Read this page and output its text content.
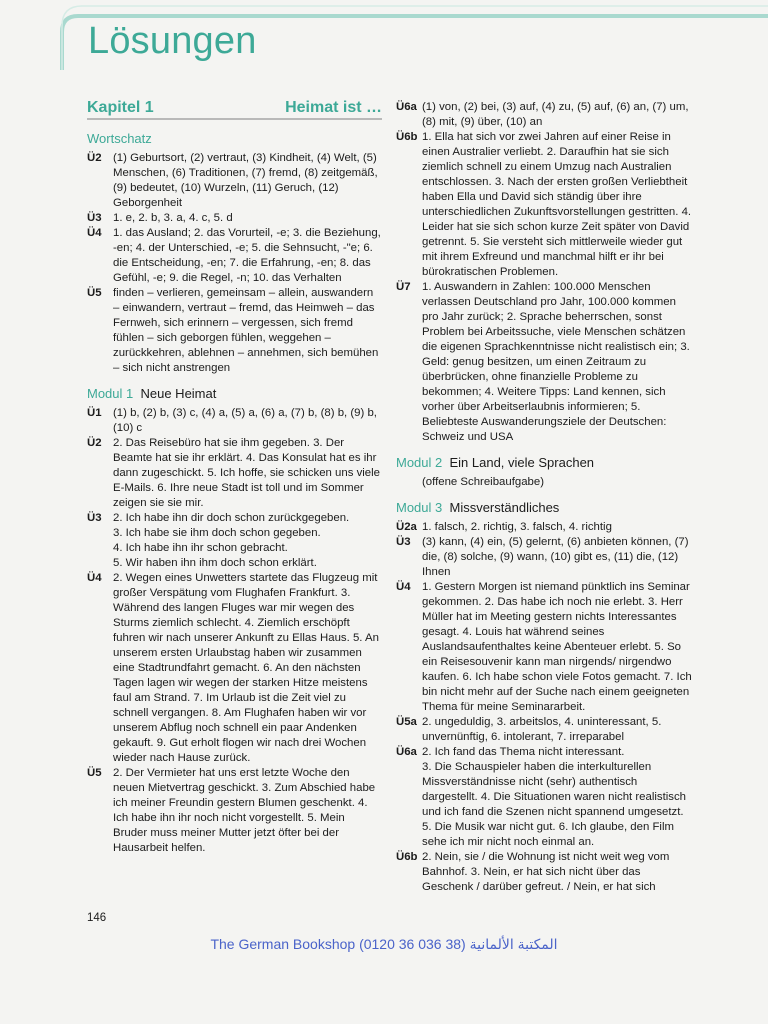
Lösungen
Kapitel 1	Heimat ist …
Wortschatz
Ü2	(1) Geburtsort, (2) vertraut, (3) Kindheit, (4) Welt, (5) Menschen, (6) Traditionen, (7) fremd, (8) zeitgemäß, (9) bedeutet, (10) Wurzeln, (11) Geruch, (12) Geborgenheit
Ü3	1. e, 2. b, 3. a, 4. c, 5. d
Ü4	1. das Ausland; 2. das Vorurteil, -e; 3. die Beziehung, -en; 4. der Unterschied, -e; 5. die Sehnsucht, -"e; 6. die Entscheidung, -en; 7. die Erfahrung, -en; 8. das Gefühl, -e; 9. die Regel, -n; 10. das Verhalten
Ü5	finden – verlieren, gemeinsam – allein, auswandern – einwandern, vertraut – fremd, das Heimweh – das Fernweh, sich erinnern – vergessen, sich fremd fühlen – sich geborgen fühlen, weggehen – zurückkehren, ablehnen – annehmen, sich bemühen – sich nicht anstrengen
Modul 1 Neue Heimat
Ü1	(1) b, (2) b, (3) c, (4) a, (5) a, (6) a, (7) b, (8) b, (9) b, (10) c
Ü2	2. Das Reisebüro hat sie ihm gegeben. 3. Der Beamte hat sie ihr erklärt. 4. Das Konsulat hat es ihr dann zugeschickt. 5. Ich hoffe, sie schicken uns viele E-Mails. 6. Ihre neue Stadt ist toll und im Sommer zeigen sie sie mir.
Ü3	2. Ich habe ihn dir doch schon zurückgegeben.
3. Ich habe sie ihm doch schon gegeben.
4. Ich habe ihn ihr schon gebracht.
5. Wir haben ihn ihm doch schon erklärt.
Ü4	2. Wegen eines Unwetters startete das Flugzeug mit großer Verspätung vom Flughafen Frankfurt. 3. Während des langen Fluges war mir wegen des Sturms ziemlich schlecht. 4. Ziemlich erschöpft fuhren wir nach unserer Ankunft zu Ellas Haus. 5. An unserem ersten Urlaubstag haben wir zusammen eine Stadtrundfahrt gemacht. 6. An den nächsten Tagen lagen wir wegen der starken Hitze meistens faul am Strand. 7. Im Urlaub ist die Zeit viel zu schnell vergangen. 8. Am Flughafen haben wir vor unserem Abflug noch schnell ein paar Andenken gekauft. 9. Gut erholt flogen wir nach drei Wochen wieder nach Hause zurück.
Ü5	2. Der Vermieter hat uns erst letzte Woche den neuen Mietvertrag geschickt. 3. Zum Abschied habe ich meiner Freundin gestern Blumen geschenkt. 4. Ich habe ihn ihr noch nicht vorgestellt. 5. Mein Bruder muss meiner Mutter jetzt öfter bei der Hausarbeit helfen.
Ü6a (1) von, (2) bei, (3) auf, (4) zu, (5) auf, (6) an, (7) um, (8) mit, (9) über, (10) an
Ü6b 1. Ella hat sich vor zwei Jahren auf einer Reise in einen Australier verliebt. 2. Daraufhin hat sie sich ziemlich schnell zu einem Umzug nach Australien entschlossen. 3. Nach der ersten großen Verliebtheit haben Ella und David sich ständig über ihre unterschiedlichen Zukunftsvorstellungen gestritten. 4. Leider hat sie sich schon kurze Zeit später von David getrennt. 5. Sie versteht sich mittlerweile wieder gut mit ihrem Exfreund und manchmal hilft er ihr bei bürokratischen Problemen.
Ü7	1. Auswandern in Zahlen: 100.000 Menschen verlassen Deutschland pro Jahr, 100.000 kommen pro Jahr zurück; 2. Sprache beherrschen, sonst Problem bei Arbeitssuche, viele Menschen schätzen die eigenen Sprachkenntnisse nicht realistisch ein; 3. Geld: genug besitzen, um einen Zeitraum zu überbrücken, ohne finanzielle Probleme zu bekommen; 4. Weitere Tipps: Land kennen, sich vorher über Arbeitserlaubnis informieren; 5. Beliebteste Auswanderungsziele der Deutschen: Schweiz und USA
Modul 2 Ein Land, viele Sprachen
(offene Schreibaufgabe)
Modul 3 Missverständliches
Ü2a 1. falsch, 2. richtig, 3. falsch, 4. richtig
Ü3	(3) kann, (4) ein, (5) gelernt, (6) anbieten können, (7) die, (8) solche, (9) wann, (10) gibt es, (11) die, (12) Ihnen
Ü4	1. Gestern Morgen ist niemand pünktlich ins Seminar gekommen. 2. Das habe ich noch nie erlebt. 3. Herr Müller hat im Meeting gestern nichts Interessantes gesagt. 4. Louis hat während seines Auslandsaufenthaltes keine Abenteuer erlebt. 5. So ein Reisesouvenir kann man nirgends/ nirgendwo kaufen. 6. Ich habe schon viele Fotos gemacht. 7. Ich bin nicht mehr auf der Suche nach einem geeigneten Thema für meine Seminararbeit.
Ü5a 2. ungeduldig, 3. arbeitslos, 4. uninteressant, 5. unvernünftig, 6. intolerant, 7. irreparabel
Ü6a 2. Ich fand das Thema nicht interessant.
3. Die Schauspieler haben die interkulturellen Missverständnisse nicht (sehr) authentisch dargestellt. 4. Die Situationen waren nicht realistisch und ich fand die Szenen nicht spannend umgesetzt. 5. Die Musik war nicht gut. 6. Ich glaube, den Film sehe ich mir nicht noch einmal an.
Ü6b 2. Nein, sie / die Wohnung ist nicht weit weg vom Bahnhof. 3. Nein, er hat sich nicht über das Geschenk / darüber gefreut. / Nein, er hat sich
146
The German Bookshop (0120 36 036 38) المكتبة الألمانية
